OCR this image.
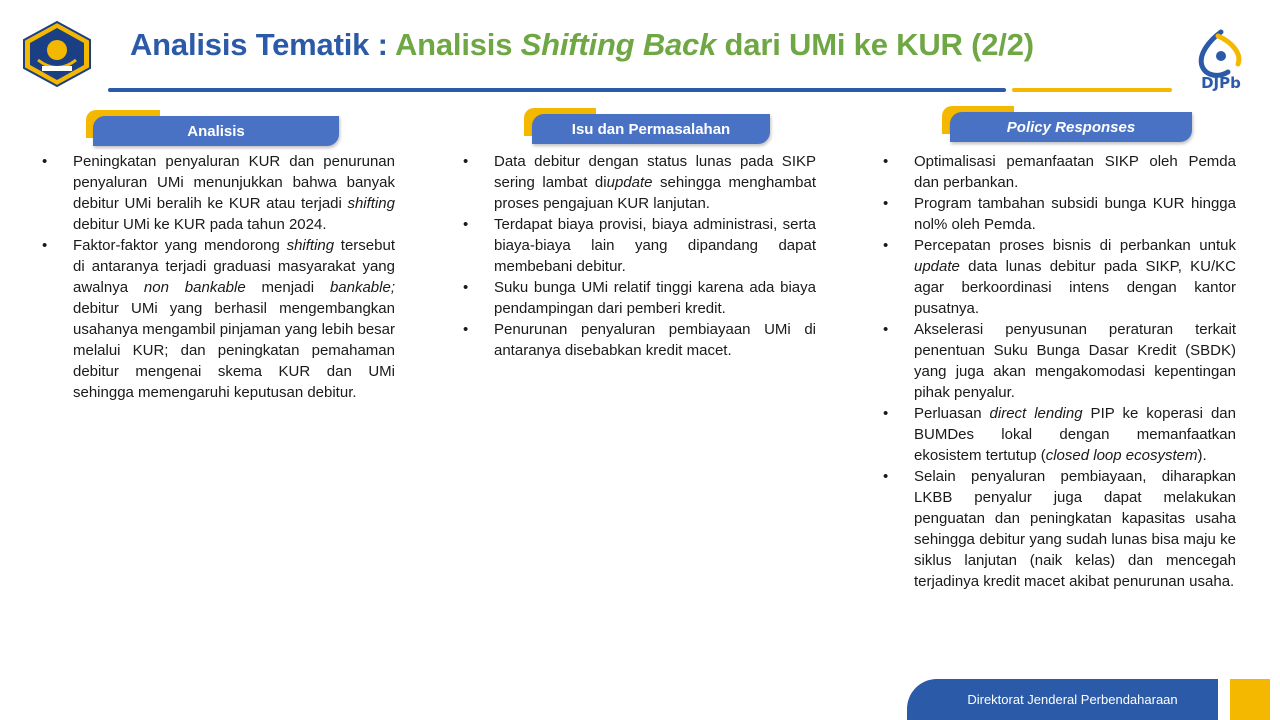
Analisis Tematik : Analisis Shifting Back dari UMi ke KUR (2/2)
DJPb
Analisis	Isu dan Permasalahan	Policy Responses
• Peningkatan penyaluran KUR dan penurunan penyaluran UMi menunjukkan bahwa banyak debitur UMi beralih ke KUR atau terjadi shifting debitur UMi ke KUR pada tahun 2024.
• Faktor-faktor yang mendorong shifting tersebut di antaranya terjadi graduasi masyarakat yang awalnya non bankable menjadi bankable; debitur UMi yang berhasil mengembangkan usahanya mengambil pinjaman yang lebih besar melalui KUR; dan peningkatan pemahaman debitur mengenai skema KUR dan UMi sehingga memengaruhi keputusan debitur.
• Data debitur dengan status lunas pada SIKP sering lambat diupdate sehingga menghambat proses pengajuan KUR lanjutan.
• Terdapat biaya provisi, biaya administrasi, serta biaya-biaya lain yang dipandang dapat membebani debitur.
• Suku bunga UMi relatif tinggi karena ada biaya pendampingan dari pemberi kredit.
• Penurunan penyaluran pembiayaan UMi di antaranya disebabkan kredit macet.
• Optimalisasi pemanfaatan SIKP oleh Pemda dan perbankan.
• Program tambahan subsidi bunga KUR hingga nol% oleh Pemda.
• Percepatan proses bisnis di perbankan untuk update data lunas debitur pada SIKP, KU/KC agar berkoordinasi intens dengan kantor pusatnya.
• Akselerasi penyusunan peraturan terkait penentuan Suku Bunga Dasar Kredit (SBDK) yang juga akan mengakomodasi kepentingan pihak penyalur.
• Perluasan direct lending PIP ke koperasi dan BUMDes lokal dengan memanfaatkan ekosistem tertutup (closed loop ecosystem).
• Selain penyaluran pembiayaan, diharapkan LKBB penyalur juga dapat melakukan penguatan dan peningkatan kapasitas usaha sehingga debitur yang sudah lunas bisa maju ke siklus lanjutan (naik kelas) dan mencegah terjadinya kredit macet akibat penurunan usaha.
Direktorat Jenderal Perbendaharaan
